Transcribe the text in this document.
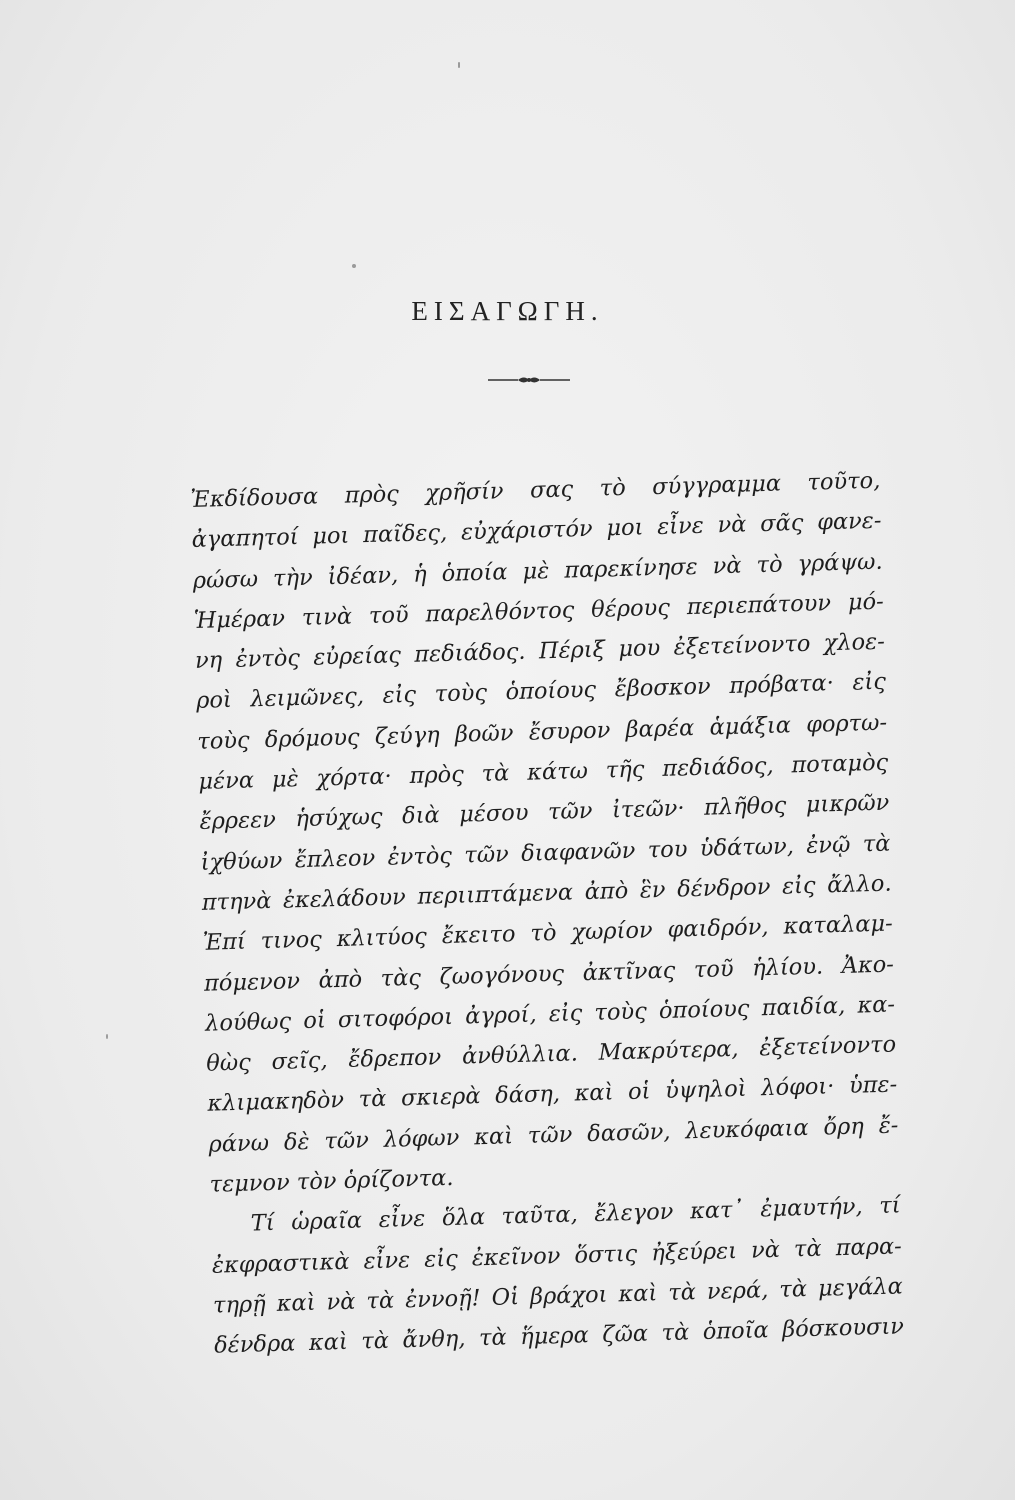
ΕΙΣΑΓΩΓΗ.
Ἐκδίδουσα πρὸς χρῆσίν σας τὸ σύγγραμμα τοῦτο,
ἀγαπητοί μοι παῖδες, εὐχάριστόν μοι εἶνε νὰ σᾶς φανε-
ρώσω τὴν ἰδέαν, ἡ ὁποία μὲ παρεκίνησε νὰ τὸ γράψω.
Ἡμέραν τινὰ τοῦ παρελθόντος θέρους περιεπάτουν μό-
νη ἐντὸς εὐρείας πεδιάδος. Πέριξ μου ἐξετείνοντο χλοε-
ροὶ λειμῶνες, εἰς τοὺς ὁποίους ἔβοσκον πρόβατα· εἰς
τοὺς δρόμους ζεύγη βοῶν ἔσυρον βαρέα ἁμάξια φορτω-
μένα μὲ χόρτα· πρὸς τὰ κάτω τῆς πεδιάδος, ποταμὸς
ἔρρεεν ἡσύχως διὰ μέσου τῶν ἰτεῶν· πλῆθος μικρῶν
ἰχθύων ἔπλεον ἐντὸς τῶν διαφανῶν του ὑδάτων, ἐνῷ τὰ
πτηνὰ ἐκελάδουν περιιπτάμενα ἀπὸ ἓν δένδρον εἰς ἄλλο.
Ἐπί τινος κλιτύος ἔκειτο τὸ χωρίον φαιδρόν, καταλαμ-
πόμενον ἀπὸ τὰς ζωογόνους ἀκτῖνας τοῦ ἡλίου. Ἀκο-
λούθως οἱ σιτοφόροι ἀγροί, εἰς τοὺς ὁποίους παιδία, κα-
θὼς σεῖς, ἔδρεπον ἀνθύλλια. Μακρύτερα, ἐξετείνοντο
κλιμακηδὸν τὰ σκιερὰ δάση, καὶ οἱ ὑψηλοὶ λόφοι· ὑπε-
ράνω δὲ τῶν λόφων καὶ τῶν δασῶν, λευκόφαια ὄρη ἔ-
τεμνον τὸν ὁρίζοντα.
Τί ὡραῖα εἶνε ὅλα ταῦτα, ἔλεγον κατ᾽ ἐμαυτήν, τί
ἐκφραστικὰ εἶνε εἰς ἐκεῖνον ὅστις ἠξεύρει νὰ τὰ παρα-
τηρῇ καὶ νὰ τὰ ἐννοῇ! Οἱ βράχοι καὶ τὰ νερά, τὰ μεγάλα
δένδρα καὶ τὰ ἄνθη, τὰ ἥμερα ζῶα τὰ ὁποῖα βόσκουσιν
